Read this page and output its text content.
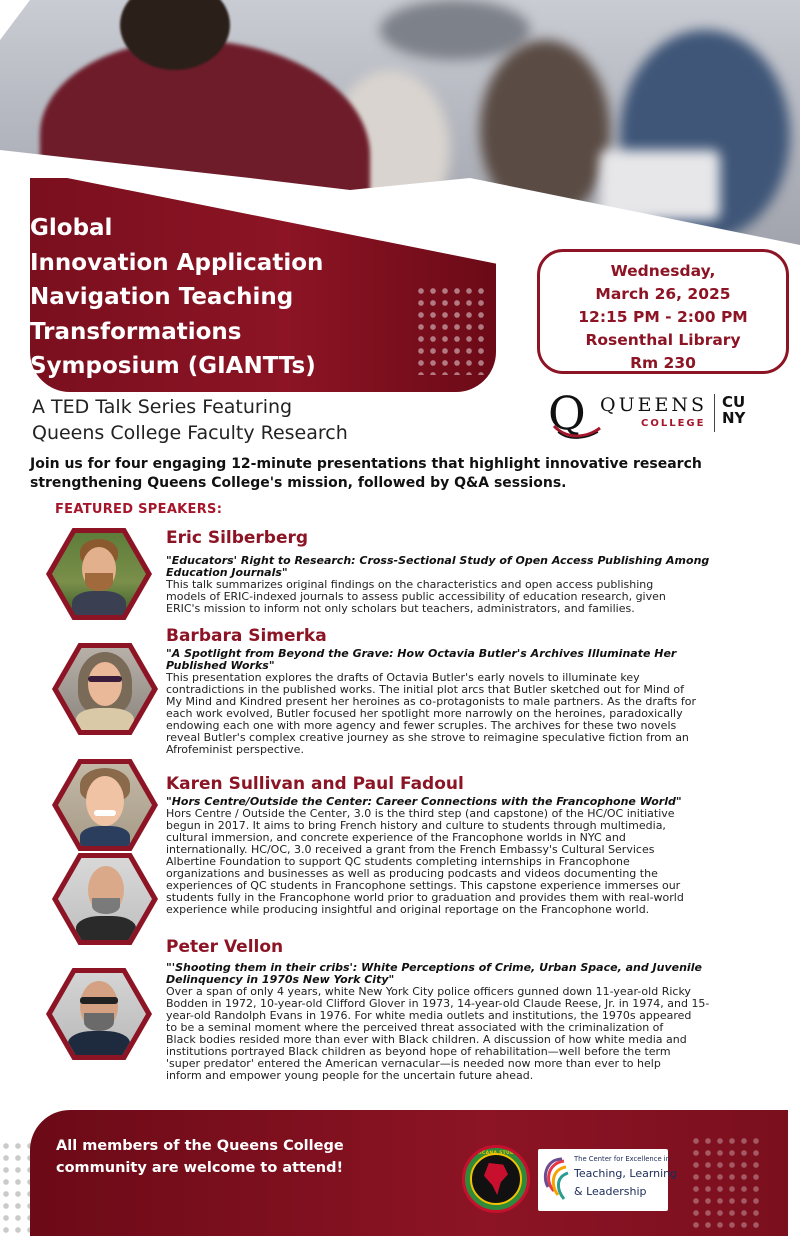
Global
Innovation Application
Navigation Teaching
Transformations
Symposium (GIANTTs)
A TED Talk Series Featuring
Queens College Faculty Research
Wednesday,
March 26, 2025
12:15 PM - 2:00 PM
Rosenthal Library
Rm 230
Q QUEENS
COLLEGE
CU
NY
Join us for four engaging 12-minute presentations that highlight innovative research
strengthening Queens College's mission, followed by Q&A sessions.
FEATURED SPEAKERS:
Eric Silberberg
"Educators' Right to Research: Cross-Sectional Study of Open Access Publishing Among
Education Journals"
This talk summarizes original findings on the characteristics and open access publishing
models of ERIC-indexed journals to assess public accessibility of education research, given
ERIC's mission to inform not only scholars but teachers, administrators, and families.
Barbara Simerka
"A Spotlight from Beyond the Grave: How Octavia Butler's Archives Illuminate Her
Published Works"
This presentation explores the drafts of Octavia Butler's early novels to illuminate key
contradictions in the published works. The initial plot arcs that Butler sketched out for Mind of
My Mind and Kindred present her heroines as co-protagonists to male partners. As the drafts for
each work evolved, Butler focused her spotlight more narrowly on the heroines, paradoxically
endowing each one with more agency and fewer scruples. The archives for these two novels
reveal Butler's complex creative journey as she strove to reimagine speculative fiction from an
Afrofeminist perspective.
Karen Sullivan and Paul Fadoul
"Hors Centre/Outside the Center: Career Connections with the Francophone World"
Hors Centre / Outside the Center, 3.0 is the third step (and capstone) of the HC/OC initiative
begun in 2017. It aims to bring French history and culture to students through multimedia,
cultural immersion, and concrete experience of the Francophone worlds in NYC and
internationally. HC/OC, 3.0 received a grant from the French Embassy's Cultural Services
Albertine Foundation to support QC students completing internships in Francophone
organizations and businesses as well as producing podcasts and videos documenting the
experiences of QC students in Francophone settings. This capstone experience immerses our
students fully in the Francophone world prior to graduation and provides them with real-world
experience while producing insightful and original reportage on the Francophone world.
Peter Vellon
"'Shooting them in their cribs': White Perceptions of Crime, Urban Space, and Juvenile
Delinquency in 1970s New York City"
Over a span of only 4 years, white New York City police officers gunned down 11-year-old Ricky
Bodden in 1972, 10-year-old Clifford Glover in 1973, 14-year-old Claude Reese, Jr. in 1974, and 15-
year-old Randolph Evans in 1976. For white media outlets and institutions, the 1970s appeared
to be a seminal moment where the perceived threat associated with the criminalization of
Black bodies resided more than ever with Black children. A discussion of how white media and
institutions portrayed Black children as beyond hope of rehabilitation—well before the term
'super predator' entered the American vernacular—is needed now more than ever to help
inform and empower young people for the uncertain future ahead.
All members of the Queens College
community are welcome to attend!
AFRICANA STUDIES
The Center for Excellence in
Teaching, Learning
& Leadership
